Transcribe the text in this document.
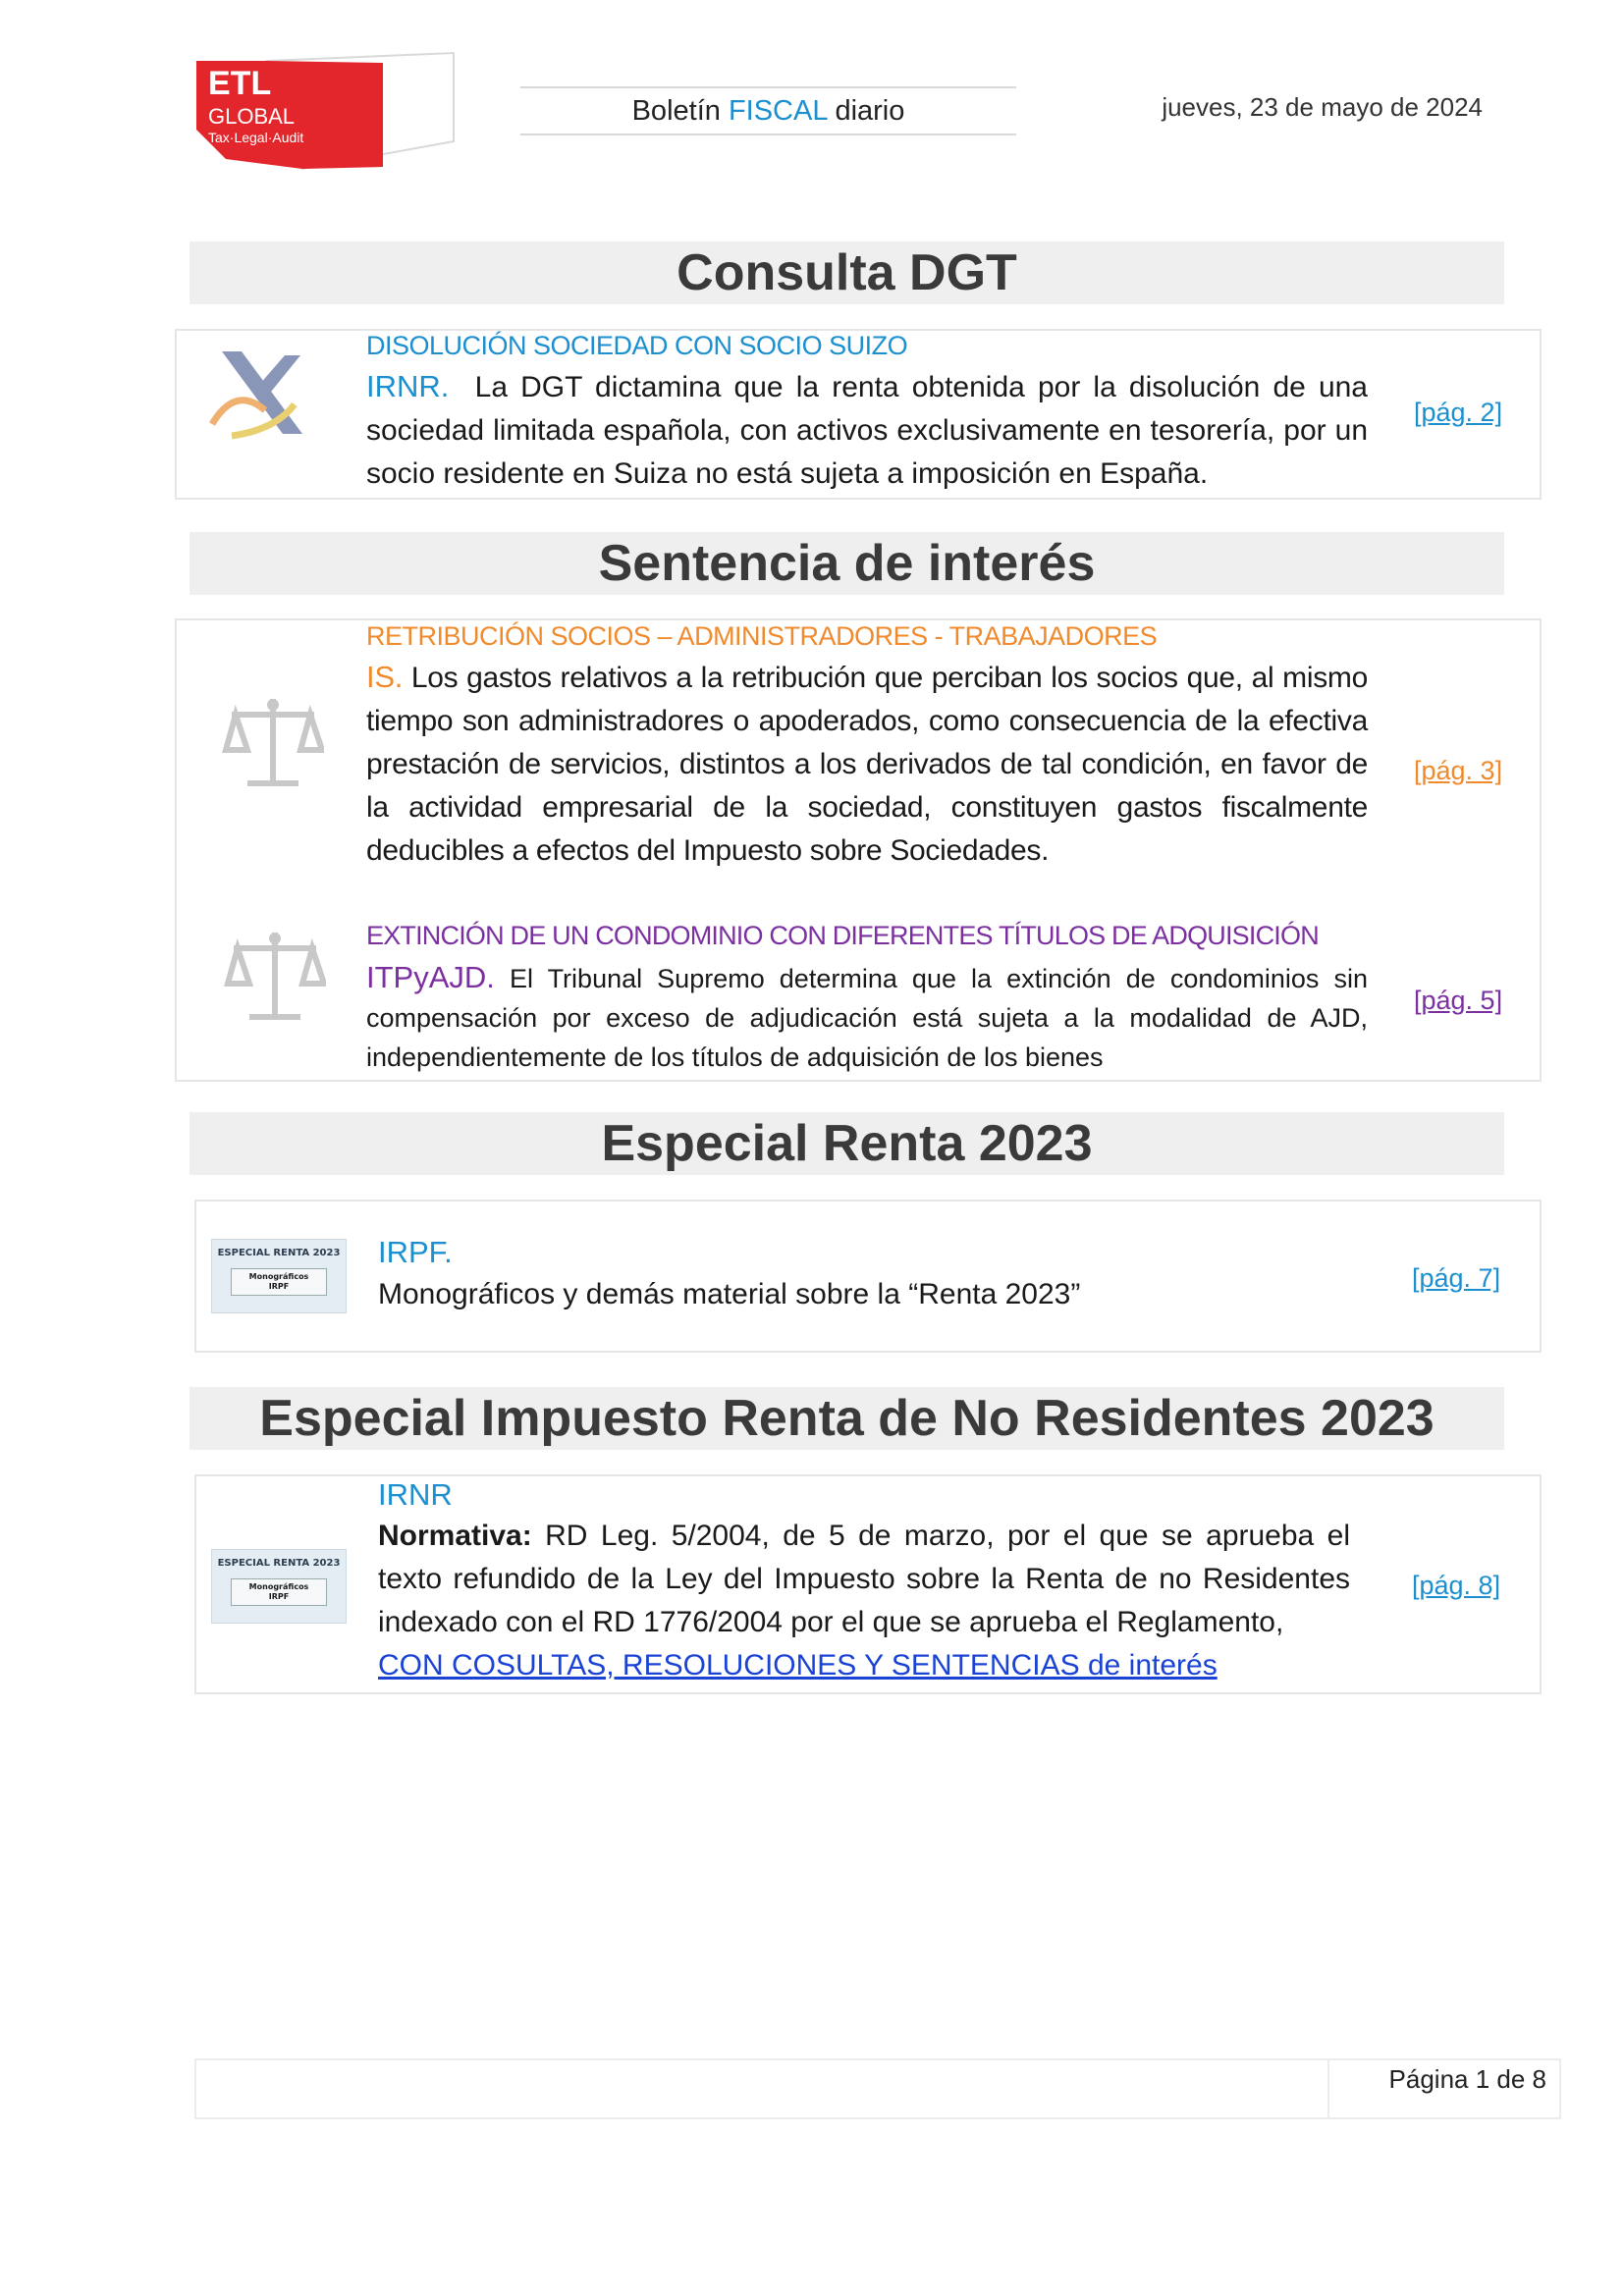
ETL
GLOBAL
Tax·Legal·Audit
Boletín FISCAL diario	jueves, 23 de mayo de 2024
Consulta DGT
DISOLUCIÓN SOCIEDAD CON SOCIO SUIZO
IRNR. La DGT dictamina que la renta obtenida por la disolución de una sociedad limitada española, con activos exclusivamente en tesorería, por un socio residente en Suiza no está sujeta a imposición en España.
[pág. 2]
Sentencia de interés
RETRIBUCIÓN SOCIOS – ADMINISTRADORES - TRABAJADORES
IS. Los gastos relativos a la retribución que perciban los socios que, al mismo tiempo son administradores o apoderados, como consecuencia de la efectiva prestación de servicios, distintos a los derivados de tal condición, en favor de la actividad empresarial de la sociedad, constituyen gastos fiscalmente deducibles a efectos del Impuesto sobre Sociedades.
[pág. 3]
EXTINCIÓN DE UN CONDOMINIO CON DIFERENTES TÍTULOS DE ADQUISICIÓN
ITPyAJD. El Tribunal Supremo determina que la extinción de condominios sin compensación por exceso de adjudicación está sujeta a la modalidad de AJD, independientemente de los títulos de adquisición de los bienes
[pág. 5]
Especial Renta 2023
ESPECIAL RENTA 2023
Monográficos
IRPF
IRPF.
Monográficos y demás material sobre la “Renta 2023”	[pág. 7]
Especial Impuesto Renta de No Residentes 2023
ESPECIAL RENTA 2023
Monográficos
IRPF
IRNR
Normativa: RD Leg. 5/2004, de 5 de marzo, por el que se aprueba el texto refundido de la Ley del Impuesto sobre la Renta de no Residentes indexado con el RD 1776/2004 por el que se aprueba el Reglamento,
CON COSULTAS, RESOLUCIONES Y SENTENCIAS de interés
[pág. 8]
Página 1 de 8
